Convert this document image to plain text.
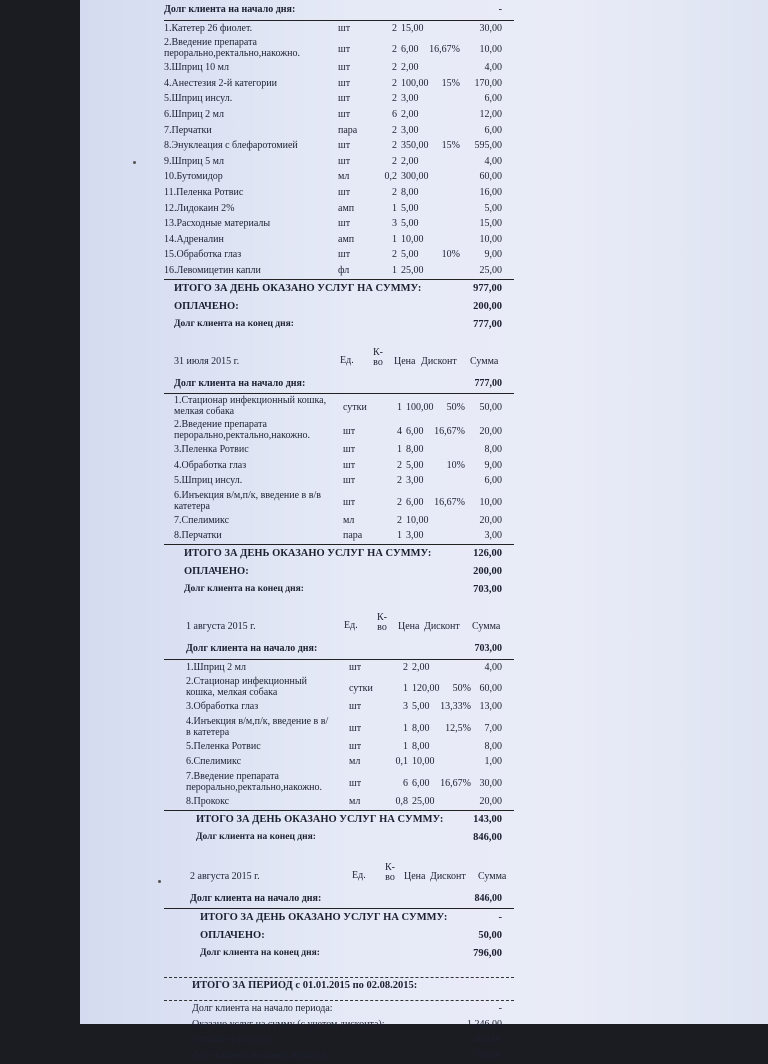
Долг клиента на начало дня:	-
1.Катетер 26 фиолет.	шт	2 15,00	30,00
2.Введение препарата перорально,ректально,накожно.	шт	2 6,00	16,67%	10,00
3.Шприц 10 мл	шт	2 2,00	4,00
4.Анестезия 2-й категории	шт	2 100,00	15%	170,00
5.Шприц инсул.	шт	2 3,00	6,00
6.Шприц 2 мл	шт	6 2,00	12,00
7.Перчатки	пара	2 3,00	6,00
8.Энуклеация с блефаротомией	шт	2 350,00	15%	595,00
9.Шприц 5 мл	шт	2 2,00	4,00
10.Бутомидор	мл	0,2 300,00	60,00
11.Пеленка Ротвис	шт	2 8,00	16,00
12.Лидокаин 2%	амп	1 5,00	5,00
13.Расходные материалы	шт	3 5,00	15,00
14.Адреналин	амп	1 10,00	10,00
15.Обработка глаз	шт	2 5,00	10%	9,00
16.Левомицетин капли	фл	1 25,00	25,00
ИТОГО ЗА ДЕНЬ ОКАЗАНО УСЛУГ НА СУММУ:	977,00
ОПЛАЧЕНО:	200,00
Долг клиента на конец дня:	777,00
31 июля 2015 г.	Ед.
К-во	Цена Дисконт Сумма
Долг клиента на начало дня:	777,00
1.Стационар инфекционный кошка, мелкая собака	сутки	1 100,00	50%	50,00
2.Введение препарата перорально,ректально,накожно.	шт	4 6,00	16,67%	20,00
3.Пеленка Ротвис	шт	1 8,00	8,00
4.Обработка глаз	шт	2 5,00	10%	9,00
5.Шприц инсул.	шт	2 3,00	6,00
6.Инъекция в/м,п/к, введение в в/в катетера	шт	2 6,00	16,67%	10,00
7.Спелимикс	мл	2 10,00	20,00
8.Перчатки	пара	1 3,00	3,00
ИТОГО ЗА ДЕНЬ ОКАЗАНО УСЛУГ НА СУММУ:	126,00
ОПЛАЧЕНО:	200,00
Долг клиента на конец дня:	703,00
1 августа 2015 г.	Ед.
К-во	Цена Дисконт Сумма
Долг клиента на начало дня:	703,00
1.Шприц 2 мл	шт	2 2,00	4,00
2.Стационар инфекционный кошка, мелкая собака	сутки	1 120,00	50% 60,00
3.Обработка глаз	шт	3 5,00	13,33% 13,00
4.Инъекция в/м,п/к, введение в в/в катетера	шт	1 8,00	12,5%	7,00
5.Пеленка Ротвис	шт	1 8,00	8,00
6.Спелимикс	мл	0,1 10,00	1,00
7.Введение препарата перорально,ректально,накожно.	шт	6 6,00	16,67% 30,00
8.Прококс	мл	0,8 25,00	20,00
ИТОГО ЗА ДЕНЬ ОКАЗАНО УСЛУГ НА СУММУ:	143,00
Долг клиента на конец дня:	846,00
2 августа 2015 г.	Ед.
К-во Цена Дисконт Сумма
Долг клиента на начало дня:	846,00
ИТОГО ЗА ДЕНЬ ОКАЗАНО УСЛУГ НА СУММУ:	-
ОПЛАЧЕНО:	50,00
Долг клиента на конец дня:	796,00
ИТОГО ЗА ПЕРИОД с 01.01.2015 по 02.08.2015:
Долг клиента на начало периода:	-
Оказано услуг на сумму (с учетом дисконта):	1 246,00
Оплаты за период:	450,00
Долг клиента на конец периода:	796,00
